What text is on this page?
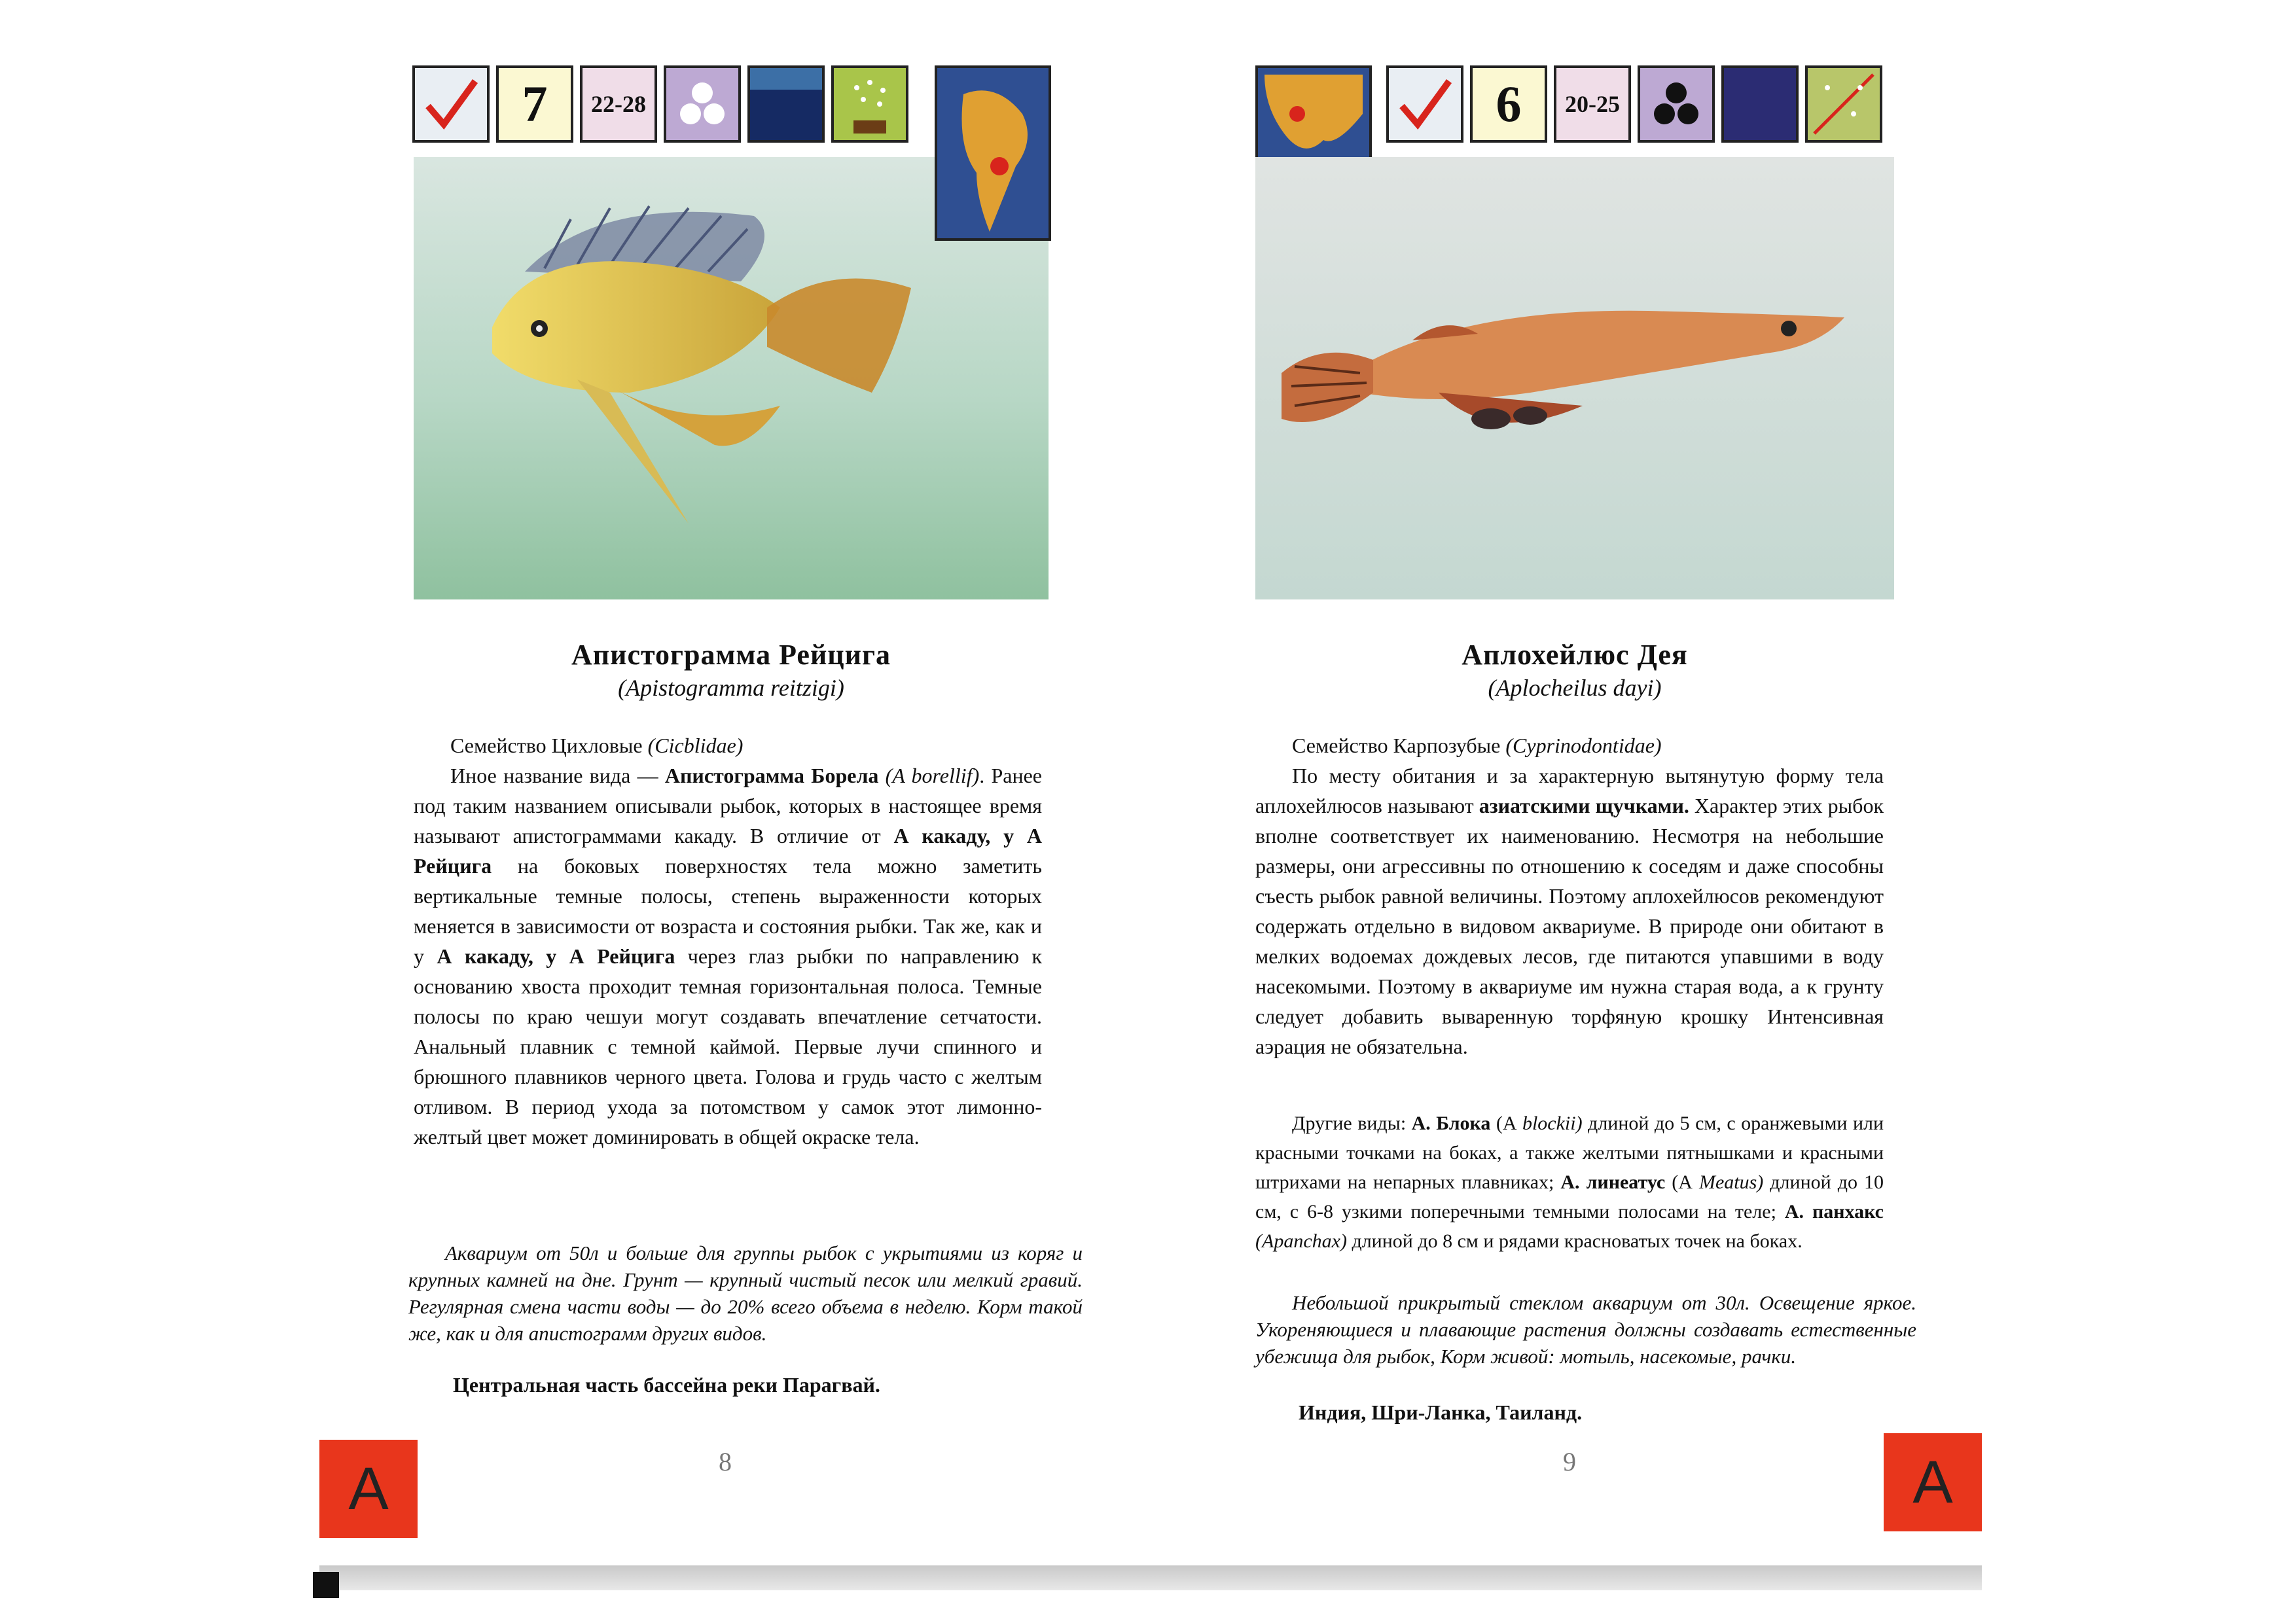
7	22-28
Апистограмма Рейцига
(Apistogramma reitzigi)

Семейство Цихловые (Cicblidae)

Иное название вида — Апистограмма Борела (A borellif). Ранее под таким названием описывали рыбок, которых в настоящее время называют апистограммами какаду. В отличие от А какаду, у А Рейцига на боковых поверхностях тела можно заметить вертикальные темные полосы, степень выраженности которых меняется в зависимости от возраста и состояния рыбки. Так же, как и у А какаду, у А Рейцига через глаз рыбки по направлению к основанию хвоста проходит темная горизонтальная полоса. Темные полосы по краю чешуи могут создавать впечатление сетчатости. Анальный плавник с темной каймой. Первые лучи спинного и брюшного плавников черного цвета. Голова и грудь часто с желтым отливом. В период ухода за потомством у самок этот лимонно-желтый цвет может доминировать в общей окраске тела.

Аквариум от 50л и больше для группы рыбок с укрытиями из коряг и крупных камней на дне. Грунт — крупный чистый песок или мелкий гравий. Регулярная смена части воды — до 20% всего объема в неделю. Корм такой же, как и для апистограмм других видов.

Центральная часть бассейна реки Парагвай.
8
A
6	20-25
Аплохейлюс Дея
(Aplocheilus dayi)

Семейство Карпозубые (Cyprinodontidae)

По месту обитания и за характерную вытянутую форму тела аплохейлюсов называют азиатскими щучками. Характер этих рыбок вполне соответствует их наименованию. Несмотря на небольшие размеры, они агрессивны по отношению к соседям и даже способны съесть рыбок равной величины. Поэтому аплохейлюсов рекомендуют содержать отдельно в видовом аквариуме. В природе они обитают в мелких водоемах дождевых лесов, где питаются упавшими в воду насекомыми. Поэтому в аквариуме им нужна старая вода, а к грунту следует добавить вываренную торфяную крошку Интенсивная аэрация не обязательна.

Другие виды: А. Блока (А blockii) длиной до 5 см, с оранжевыми или красными точками на боках, а также желтыми пятнышками и красными штрихами на непарных плавниках; А. линеатус (А Meatus) длиной до 10 см, с 6-8 узкими поперечными темными полосами на теле; А. панхакс (Apanchax) длиной до 8 см и рядами красноватых точек на боках.

Небольшой прикрытый стеклом аквариум от 30л. Освещение яркое. Укореняющиеся и плавающие растения должны создавать естественные убежища для рыбок, Корм живой: мотыль, насекомые, рачки.

Индия, Шри-Ланка, Таиланд.
9	A
